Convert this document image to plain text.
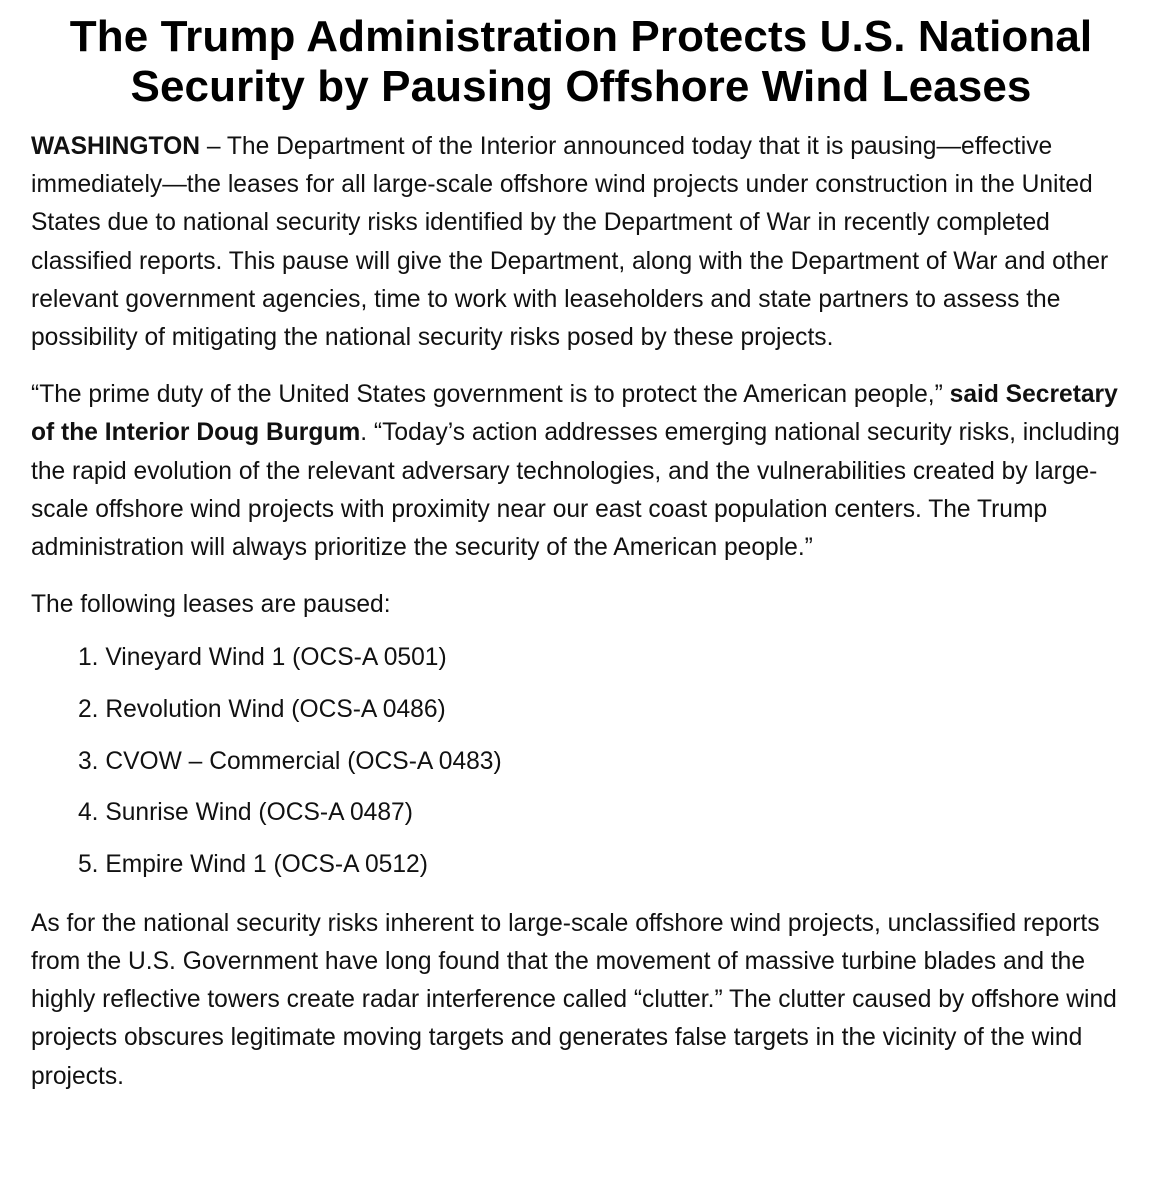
The Trump Administration Protects U.S. National
Security by Pausing Offshore Wind Leases

WASHINGTON – The Department of the Interior announced today that it is pausing—effective immediately—the leases for all large-scale offshore wind projects under construction in the United States due to national security risks identified by the Department of War in recently completed classified reports. This pause will give the Department, along with the Department of War and other relevant government agencies, time to work with leaseholders and state partners to assess the possibility of mitigating the national security risks posed by these projects.

“The prime duty of the United States government is to protect the American people,” said Secretary of the Interior Doug Burgum. “Today’s action addresses emerging national security risks, including the rapid evolution of the relevant adversary technologies, and the vulnerabilities created by large-scale offshore wind projects with proximity near our east coast population centers. The Trump administration will always prioritize the security of the American people.”

The following leases are paused:

1. Vineyard Wind 1 (OCS-A 0501)
2. Revolution Wind (OCS-A 0486)
3. CVOW – Commercial (OCS-A 0483)
4. Sunrise Wind (OCS-A 0487)
5. Empire Wind 1 (OCS-A 0512)

As for the national security risks inherent to large-scale offshore wind projects, unclassified reports from the U.S. Government have long found that the movement of massive turbine blades and the highly reflective towers create radar interference called “clutter.” The clutter caused by offshore wind projects obscures legitimate moving targets and generates false targets in the vicinity of the wind projects.
